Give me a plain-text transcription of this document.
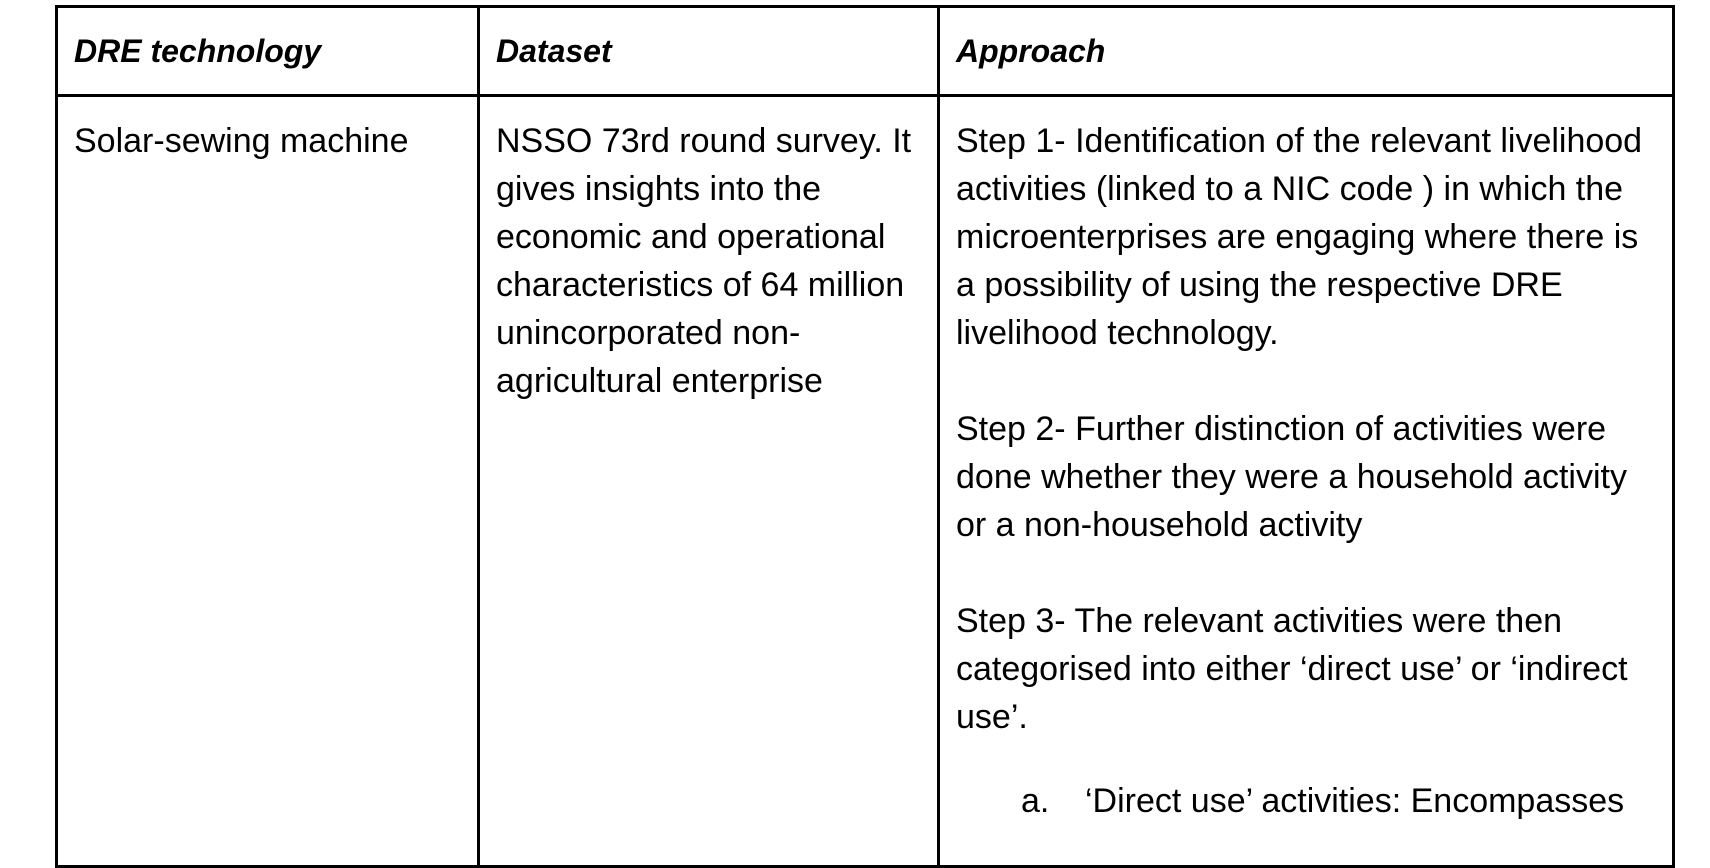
DRE technology	Dataset	Approach
Solar-sewing machine	NSSO 73rd round survey. It gives insights into the economic and operational characteristics of 64 million unincorporated non-agricultural enterprise	Step 1- Identification of the relevant livelihood activities (linked to a NIC code ) in which the microenterprises are engaging where there is a possibility of using the respective DRE livelihood technology.

Step 2- Further distinction of activities were done whether they were a household activity or a non-household activity

Step 3- The relevant activities were then categorised into either ‘direct use’ or ‘indirect use’.

a. ‘Direct use’ activities: Encompasses
